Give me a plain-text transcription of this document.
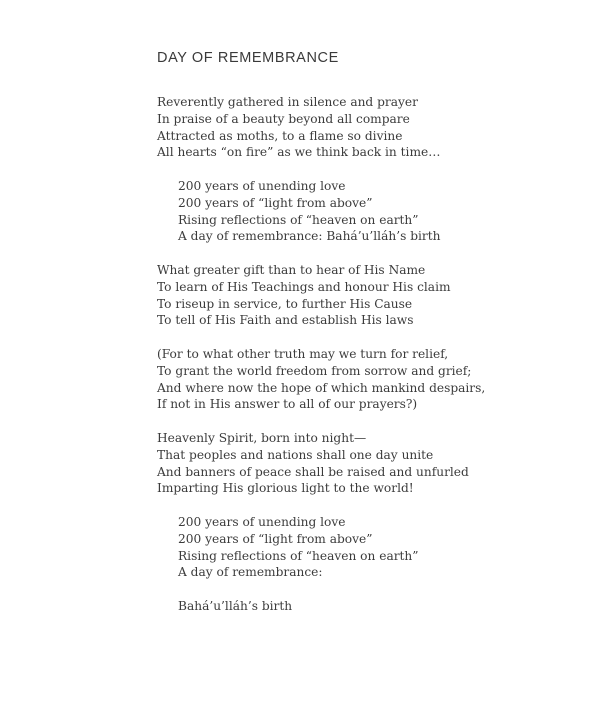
DAY OF REMEMBRANCE
Reverently gathered in silence and prayer
In praise of a beauty beyond all compare
Attracted as moths, to a flame so divine
All hearts “on fire” as we think back in time…
200 years of unending love
200 years of “light from above”
Rising reflections of “heaven on earth”
A day of remembrance: Bahá’u’lláh’s birth
What greater gift than to hear of His Name
To learn of His Teachings and honour His claim
To riseup in service, to further His Cause
To tell of His Faith and establish His laws
(For to what other truth may we turn for relief,
To grant the world freedom from sorrow and grief;
And where now the hope of which mankind despairs,
If not in His answer to all of our prayers?)
Heavenly Spirit, born into night—
That peoples and nations shall one day unite
And banners of peace shall be raised and unfurled
Imparting His glorious light to the world!
200 years of unending love
200 years of “light from above”
Rising reflections of “heaven on earth”
A day of remembrance:
Bahá’u’lláh’s birth
